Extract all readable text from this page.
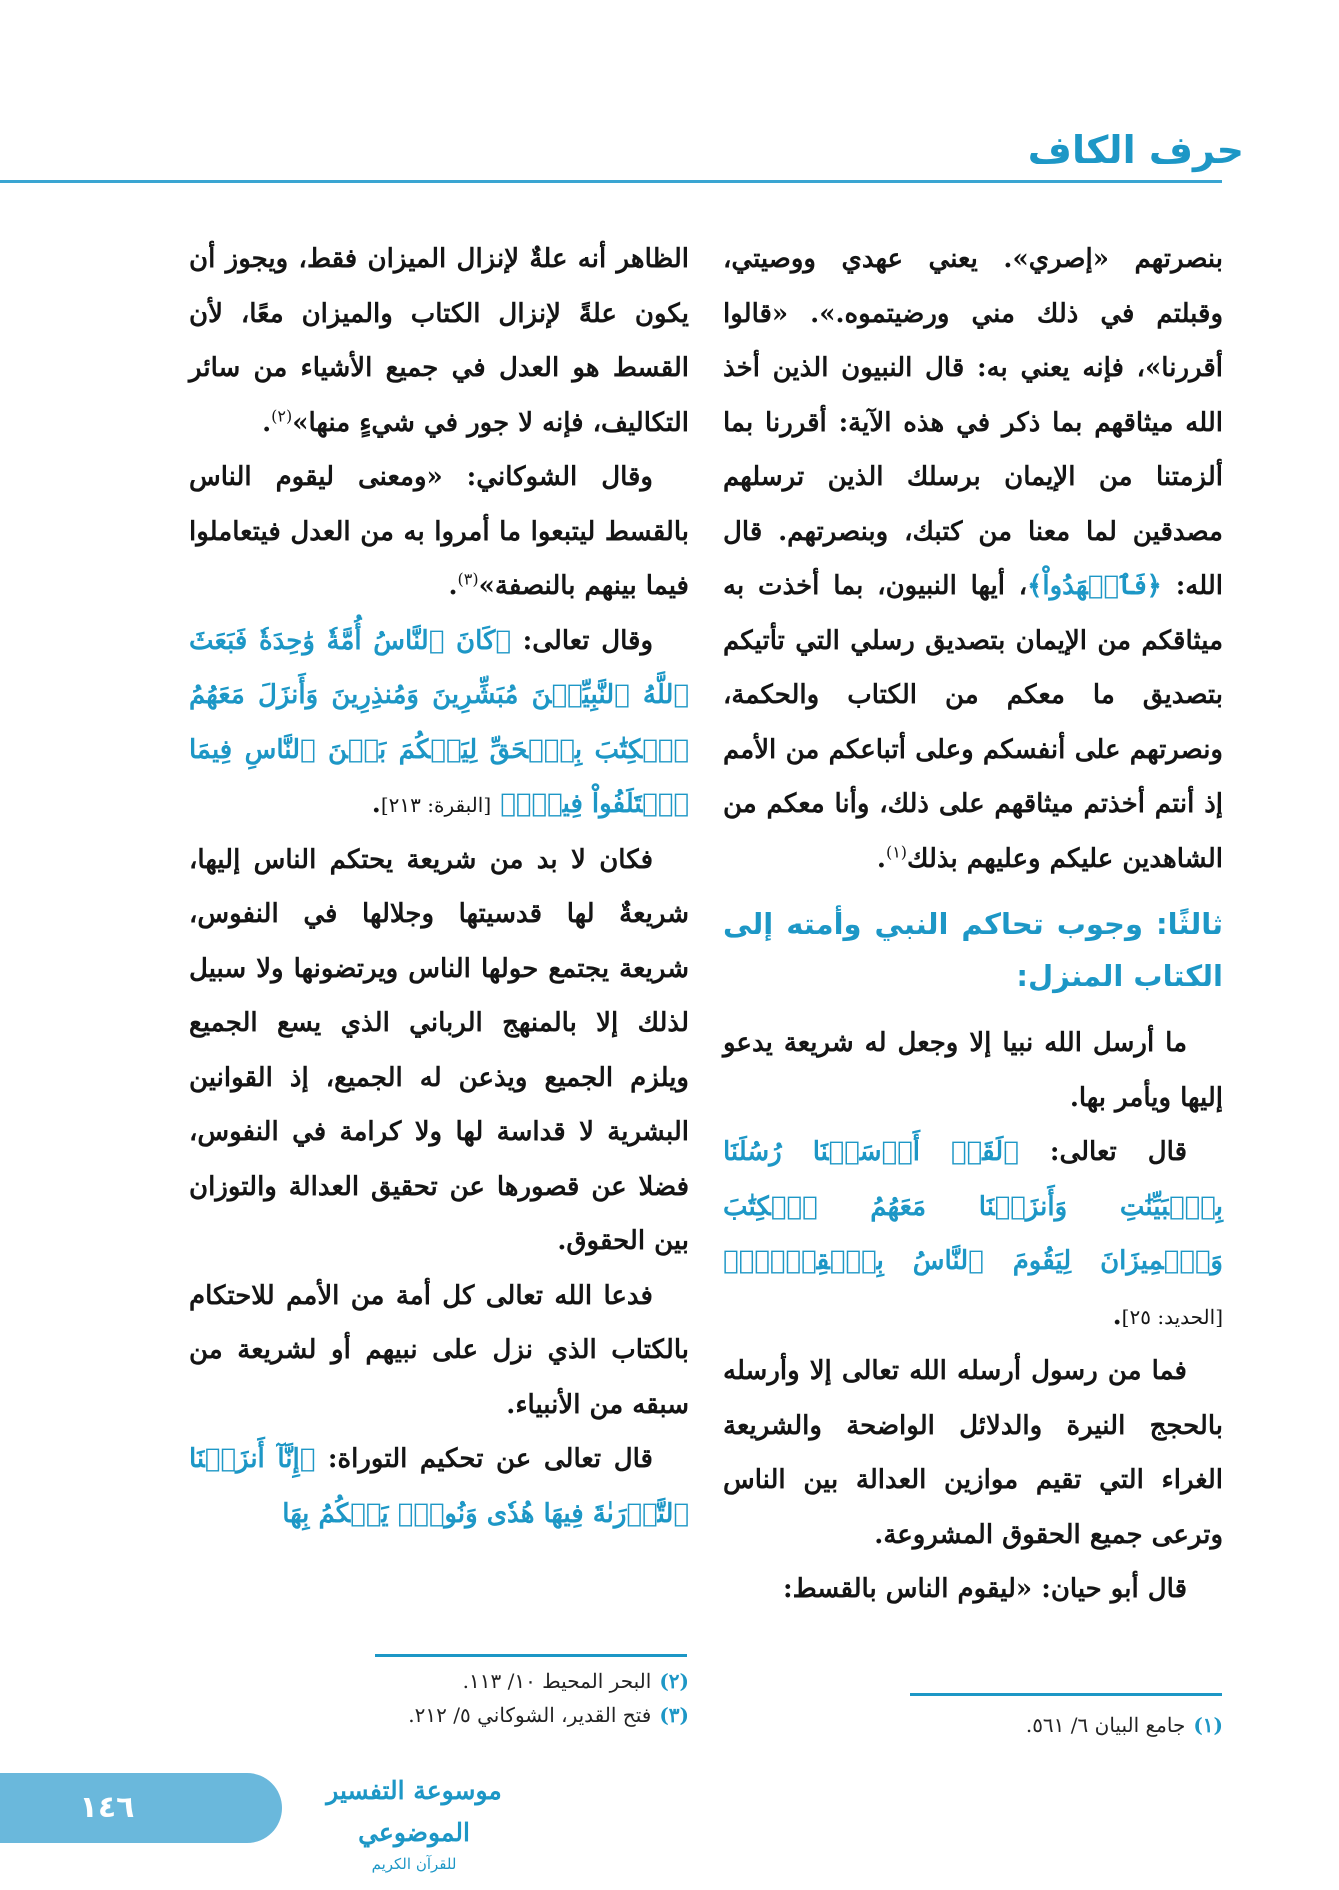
حرف الكاف

بنصرتهم «إصري». يعني عهدي ووصيتي، وقبلتم في ذلك مني ورضيتموه.». «قالوا أقررنا»، فإنه يعني به: قال النبيون الذين أخذ الله ميثاقهم بما ذكر في هذه الآية: أقررنا بما ألزمتنا من الإيمان برسلك الذين ترسلهم مصدقين لما معنا من كتبك، وبنصرتهم. قال الله: ﴿فَٱشۡهَدُواْ﴾، أيها النبيون، بما أخذت به ميثاقكم من الإيمان بتصديق رسلي التي تأتيكم بتصديق ما معكم من الكتاب والحكمة، ونصرتهم على أنفسكم وعلى أتباعكم من الأمم إذ أنتم أخذتم ميثاقهم على ذلك، وأنا معكم من الشاهدين عليكم وعليهم بذلك$^{(١)}$.

ثالثًا: وجوب تحاكم النبي وأمته إلى الكتاب المنزل:

ما أرسل الله نبيا إلا وجعل له شريعة يدعو إليها ويأمر بها.

قال تعالى: ﴿لَقَدۡ أَرۡسَلۡنَا رُسُلَنَا بِٱلۡبَيِّنَٰتِ وَأَنزَلۡنَا مَعَهُمُ ٱلۡكِتَٰبَ وَٱلۡمِيزَانَ لِيَقُومَ ٱلنَّاسُ بِٱلۡقِسۡطِۖ﴾ [الحديد: ٢٥].

فما من رسول أرسله الله تعالى إلا وأرسله بالحجج النيرة والدلائل الواضحة والشريعة الغراء التي تقيم موازين العدالة بين الناس وترعى جميع الحقوق المشروعة.

قال أبو حيان: «ليقوم الناس بالقسط:

الظاهر أنه علةٌ لإنزال الميزان فقط، ويجوز أن يكون علةً لإنزال الكتاب والميزان معًا، لأن القسط هو العدل في جميع الأشياء من سائر التكاليف، فإنه لا جور في شيءٍ منها»$^{(٢)}$.

وقال الشوكاني: «ومعنى ليقوم الناس بالقسط ليتبعوا ما أمروا به من العدل فيتعاملوا فيما بينهم بالنصفة»$^{(٣)}$.

وقال تعالى: ﴿كَانَ ٱلنَّاسُ أُمَّةٗ وَٰحِدَةٗ فَبَعَثَ ٱللَّهُ ٱلنَّبِيِّـۧنَ مُبَشِّرِينَ وَمُنذِرِينَ وَأَنزَلَ مَعَهُمُ ٱلۡكِتَٰبَ بِٱلۡحَقِّ لِيَحۡكُمَ بَيۡنَ ٱلنَّاسِ فِيمَا ٱخۡتَلَفُواْ فِيهِۚ﴾ [البقرة: ٢١٣].

فكان لا بد من شريعة يحتكم الناس إليها، شريعةٌ لها قدسيتها وجلالها في النفوس، شريعة يجتمع حولها الناس ويرتضونها ولا سبيل لذلك إلا بالمنهج الرباني الذي يسع الجميع ويلزم الجميع ويذعن له الجميع، إذ القوانين البشرية لا قداسة لها ولا كرامة في النفوس، فضلا عن قصورها عن تحقيق العدالة والتوزان بين الحقوق.

فدعا الله تعالى كل أمة من الأمم للاحتكام بالكتاب الذي نزل على نبيهم أو لشريعة من سبقه من الأنبياء.

قال تعالى عن تحكيم التوراة: ﴿إِنَّآ أَنزَلۡنَا ٱلتَّوۡرَىٰةَ فِيهَا هُدٗى وَنُورٞۚ يَحۡكُمُ بِهَا

(١)جامع البيان ٦/ ٥٦١.
(٢)البحر المحيط ١٠/ ١١٣.
(٣)فتح القدير، الشوكاني ٥/ ٢١٢.
١٤٦	موسوعة التفسير الموضوعي
للقرآن الكريم
